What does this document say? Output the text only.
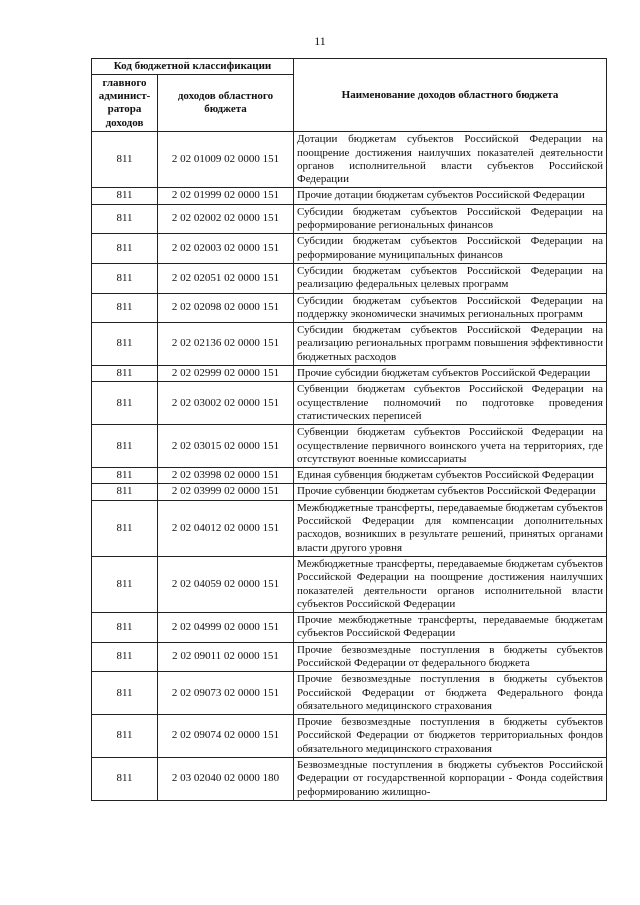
11
Код бюджетной классификации		Наименование доходов областного бюджета
главного админист-ратора доходов	доходов областного бюджета	
811	2 02 01009 02 0000 151	Дотации бюджетам субъектов Российской Федерации на поощрение достижения наилучших показателей деятельности органов исполнительной власти субъектов Российской Федерации
811	2 02 01999 02 0000 151	Прочие дотации бюджетам субъектов Российской Федерации
811	2 02 02002 02 0000 151	Субсидии бюджетам субъектов Российской Федерации на реформирование региональных финансов
811	2 02 02003 02 0000 151	Субсидии бюджетам субъектов Российской Федерации на реформирование муниципальных финансов
811	2 02 02051 02 0000 151	Субсидии бюджетам субъектов Российской Федерации на реализацию федеральных целевых программ
811	2 02 02098 02 0000 151	Субсидии бюджетам субъектов Российской Федерации на поддержку экономически значимых региональных программ
811	2 02 02136 02 0000 151	Субсидии бюджетам субъектов Российской Федерации на реализацию региональных программ повышения эффективности бюджетных расходов
811	2 02 02999 02 0000 151	Прочие субсидии бюджетам субъектов Российской Федерации
811	2 02 03002 02 0000 151	Субвенции бюджетам субъектов Российской Федерации на осуществление полномочий по подготовке проведения статистических переписей
811	2 02 03015 02 0000 151	Субвенции бюджетам субъектов Российской Федерации на осуществление первичного воинского учета на территориях, где отсутствуют военные комиссариаты
811	2 02 03998 02 0000 151	Единая субвенция бюджетам субъектов Российской Федерации
811	2 02 03999 02 0000 151	Прочие субвенции бюджетам субъектов Российской Федерации
811	2 02 04012 02 0000 151	Межбюджетные трансферты, передаваемые бюджетам субъектов Российской Федерации для компенсации дополнительных расходов, возникших в результате решений, принятых органами власти другого уровня
811	2 02 04059 02 0000 151	Межбюджетные трансферты, передаваемые бюджетам субъектов Российской Федерации на поощрение достижения наилучших показателей деятельности органов исполнительной власти субъектов Российской Федерации
811	2 02 04999 02 0000 151	Прочие межбюджетные трансферты, передаваемые бюджетам субъектов Российской Федерации
811	2 02 09011 02 0000 151	Прочие безвозмездные поступления в бюджеты субъектов Российской Федерации от федерального бюджета
811	2 02 09073 02 0000 151	Прочие безвозмездные поступления в бюджеты субъектов Российской Федерации от бюджета Федерального фонда обязательного медицинского страхования
811	2 02 09074 02 0000 151	Прочие безвозмездные поступления в бюджеты субъектов Российской Федерации от бюджетов территориальных фондов обязательного медицинского страхования
811	2 03 02040 02 0000 180	Безвозмездные поступления в бюджеты субъектов Российской Федерации от государственной корпорации - Фонда содействия реформированию жилищно-
